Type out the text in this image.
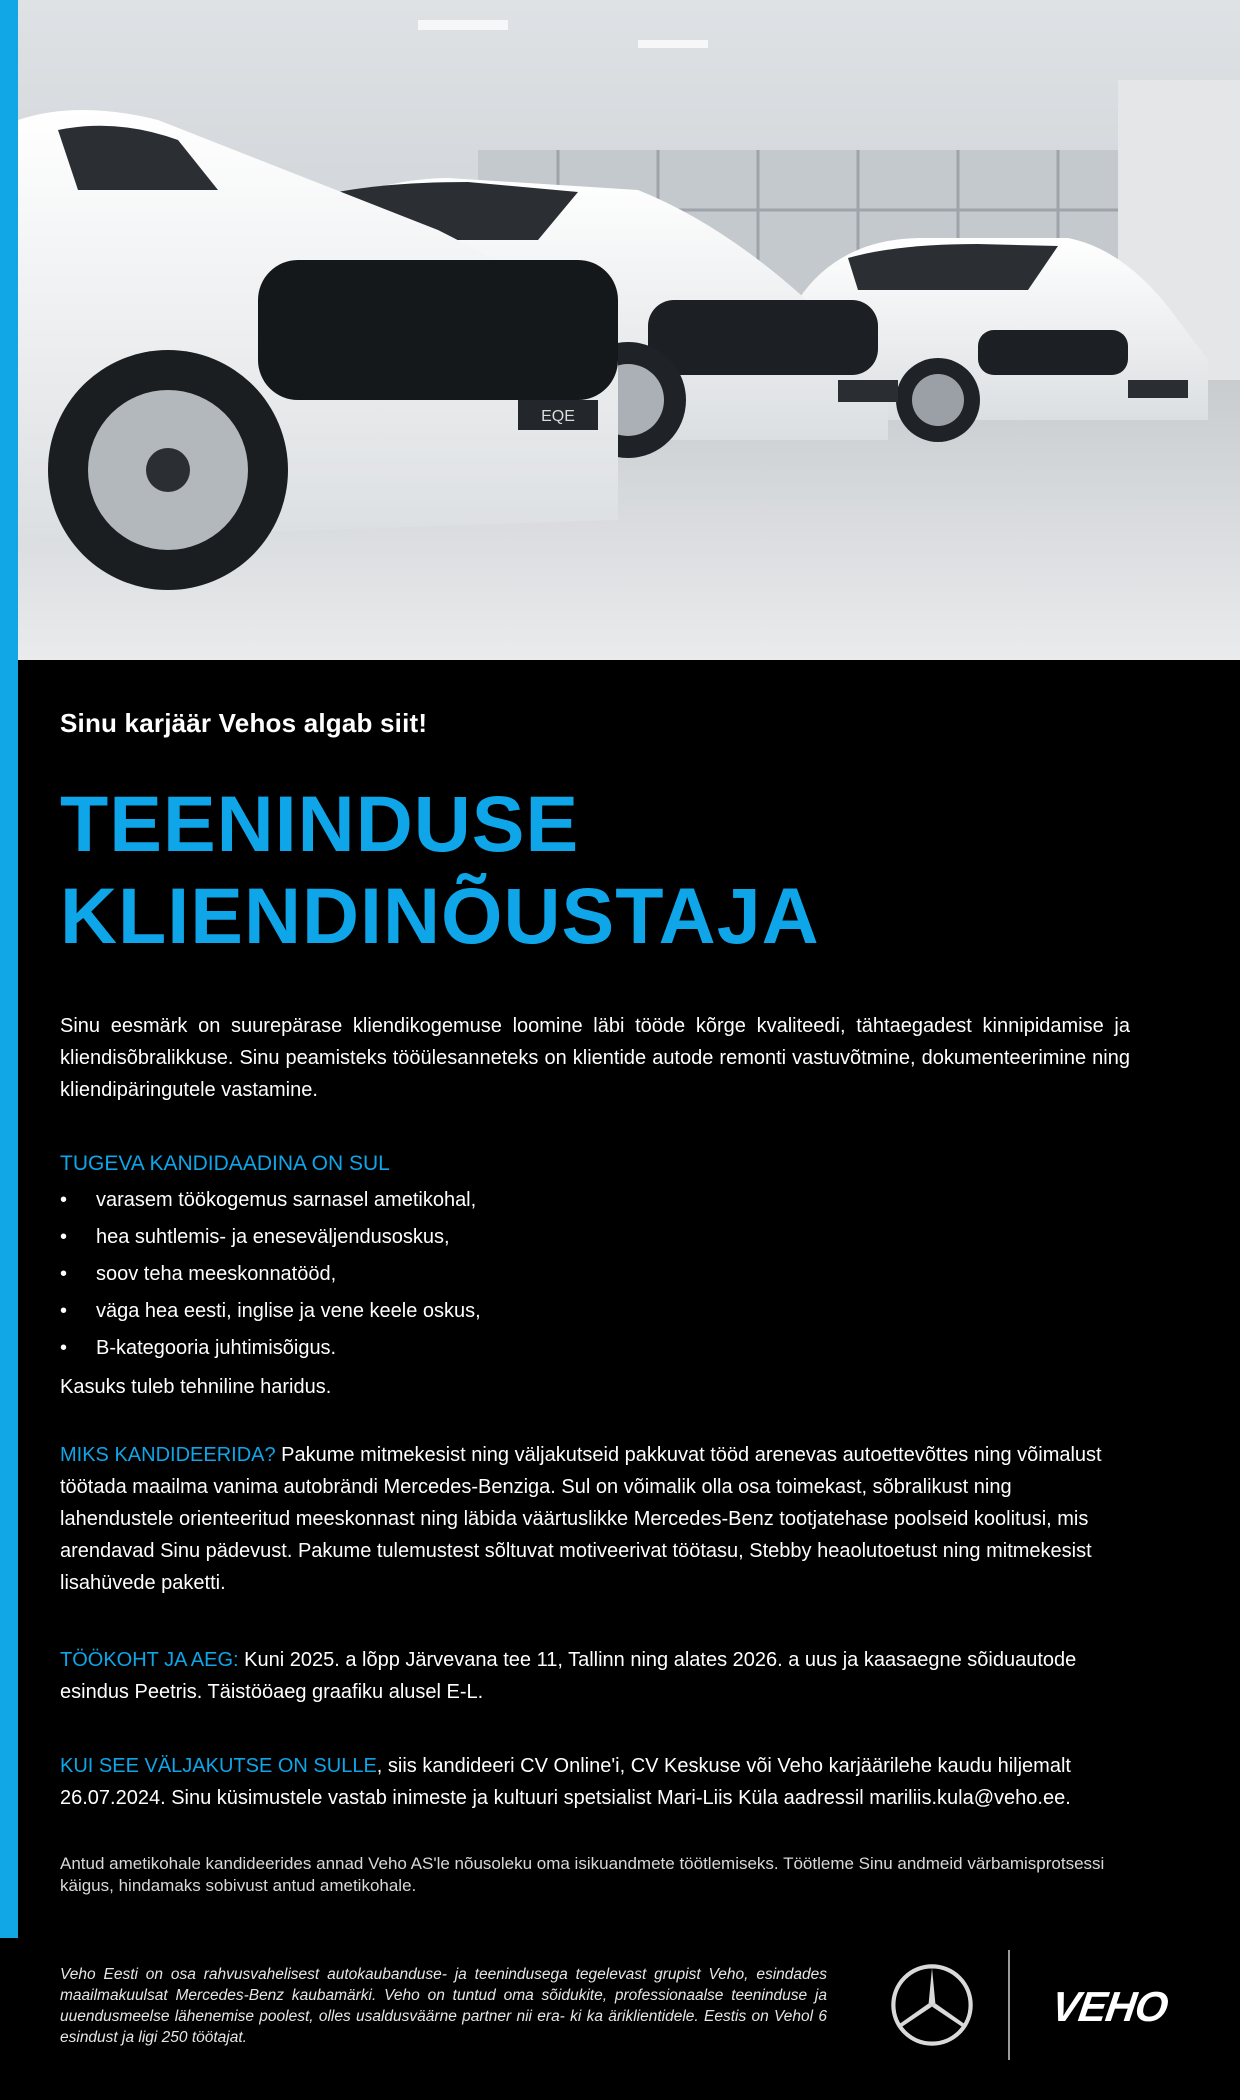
EQE
Sinu karjäär Vehos algab siit!
TEENINDUSE
KLIENDINÕUSTAJA

Sinu eesmärk on suurepärase kliendikogemuse loomine läbi tööde kõrge kvaliteedi, tähtaegadest kinnipidamise ja kliendisõbralikkuse. Sinu peamisteks tööülesanneteks on klientide autode remonti vastuvõtmine, dokumenteerimine ning kliendipäringutele vastamine.

TUGEVA KANDIDAADINA ON SUL
• varasem töökogemus sarnasel ametikohal,
• hea suhtlemis- ja eneseväljendusoskus,
• soov teha meeskonnatööd,
• väga hea eesti, inglise ja vene keele oskus,
• B-kategooria juhtimisõigus.

Kasuks tuleb tehniline haridus.

MIKS KANDIDEERIDA? Pakume mitmekesist ning väljakutseid pakkuvat tööd arenevas autoettevõttes ning võimalust töötada maailma vanima autobrändi Mercedes-Benziga. Sul on võimalik olla osa toimekast, sõbralikust ning lahendustele orienteeritud meeskonnast ning läbida väärtuslikke Mercedes-Benz tootjatehase poolseid koolitusi, mis arendavad Sinu pädevust. Pakume tulemustest sõltuvat motiveerivat töötasu, Stebby heaolutoetust ning mitmekesist lisahüvede paketti.

TÖÖKOHT JA AEG: Kuni 2025. a lõpp Järvevana tee 11, Tallinn ning alates 2026. a uus ja kaasaegne sõiduautode esindus Peetris. Täistööaeg graafiku alusel E-L.

KUI SEE VÄLJAKUTSE ON SULLE, siis kandideeri CV Online'i, CV Keskuse või Veho karjäärilehe kaudu hiljemalt 26.07.2024. Sinu küsimustele vastab inimeste ja kultuuri spetsialist Mari-Liis Küla aadressil mariliis.kula@veho.ee.

Antud ametikohale kandideerides annad Veho AS'le nõusoleku oma isikuandmete töötlemiseks. Töötleme Sinu andmeid värbamisprotsessi käigus, hindamaks sobivust antud ametikohale.

Veho Eesti on osa rahvusvahelisest autokaubanduse- ja teenindusega tegelevast grupist Veho, esindades maailmakuulsat Mercedes-Benz kaubamärki. Veho on tuntud oma sõidukite, professionaalse teeninduse ja uuendusmeelse lähenemise poolest, olles usaldusväärne partner nii era- ki ka äriklientidele. Eestis on Vehol 6 esindust ja ligi 250 töötajat.

VEHO
